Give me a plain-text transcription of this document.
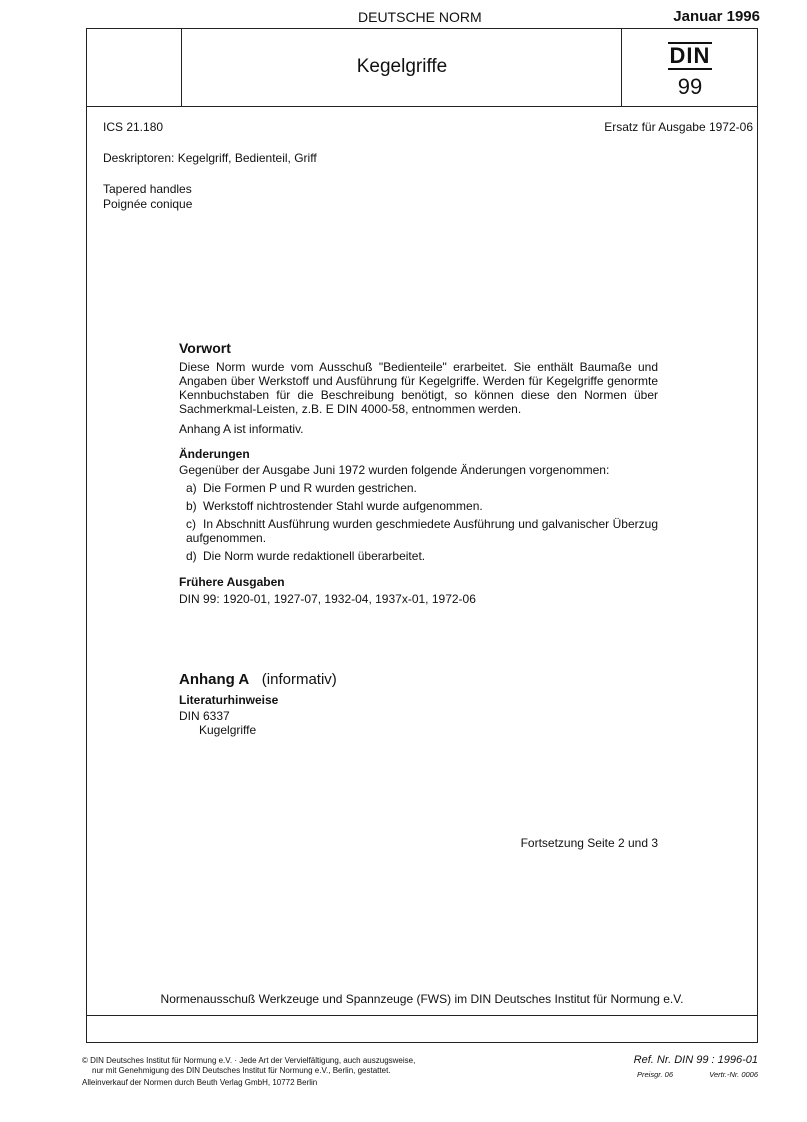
DEUTSCHE NORM	Januar 1996
Kegelgriffe	DIN
99
ICS 21.180	Ersatz für Ausgabe 1972-06
Deskriptoren: Kegelgriff, Bedienteil, Griff
Tapered handles
Poignée conique
Vorwort
Diese Norm wurde vom Ausschuß "Bedienteile" erarbeitet. Sie enthält Baumaße und Angaben über Werkstoff und Ausführung für Kegelgriffe. Werden für Kegelgriffe genormte Kennbuchstaben für die Beschreibung benötigt, so können diese den Normen über Sachmerkmal-Leisten, z.B. E DIN 4000-58, entnommen werden.
Anhang A ist informativ.
Änderungen
Gegenüber der Ausgabe Juni 1972 wurden folgende Änderungen vorgenommen:
a) Die Formen P und R wurden gestrichen.
b) Werkstoff nichtrostender Stahl wurde aufgenommen.
c) In Abschnitt Ausführung wurden geschmiedete Ausführung und galvanischer Überzug aufgenommen.
d) Die Norm wurde redaktionell überarbeitet.
Frühere Ausgaben
DIN 99: 1920-01, 1927-07, 1932-04, 1937x-01, 1972-06
Anhang A (informativ)
Literaturhinweise
DIN 6337
Kugelgriffe
Fortsetzung Seite 2 und 3
Normenausschuß Werkzeuge und Spannzeuge (FWS) im DIN Deutsches Institut für Normung e.V.
© DIN Deutsches Institut für Normung e.V. · Jede Art der Vervielfältigung, auch auszugsweise,
nur mit Genehmigung des DIN Deutsches Institut für Normung e.V., Berlin, gestattet.
Alleinverkauf der Normen durch Beuth Verlag GmbH, 10772 Berlin
Ref. Nr. DIN 99 : 1996-01
Preisgr. 06	Vertr.-Nr. 0006
